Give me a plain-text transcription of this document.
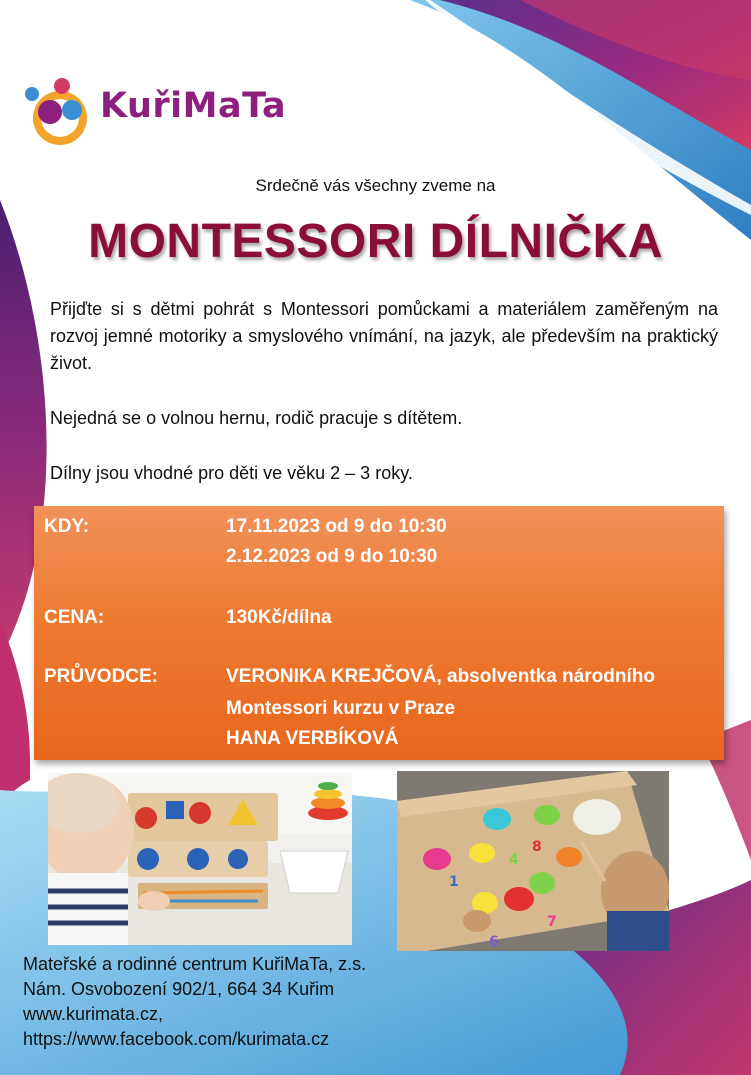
KuřiMaTa
Srdečně vás všechny zveme na
MONTESSORI DÍLNIČKA
Přijďte si s dětmi pohrát s Montessori pomůckami a materiálem zaměřeným na rozvoj jemné motoriky a smyslového vnímání, na jazyk, ale především na praktický život.
Nejedná se o volnou hernu, rodič pracuje s dítětem.
Dílny jsou vhodné pro děti ve věku 2 – 3 roky.
KDY:	17.11.2023 od 9 do 10:30
2.12.2023 od 9 do 10:30
CENA:	130Kč/dílna
PRŮVODCE:	VERONIKA KREJČOVÁ, absolventka národního
Montessori kurzu v Praze
HANA VERBÍKOVÁ
1
4
8
7
6
Mateřské a rodinné centrum KuřiMaTa, z.s.
Nám. Osvobození 902/1, 664 34 Kuřim
www.kurimata.cz,
https://www.facebook.com/kurimata.cz
